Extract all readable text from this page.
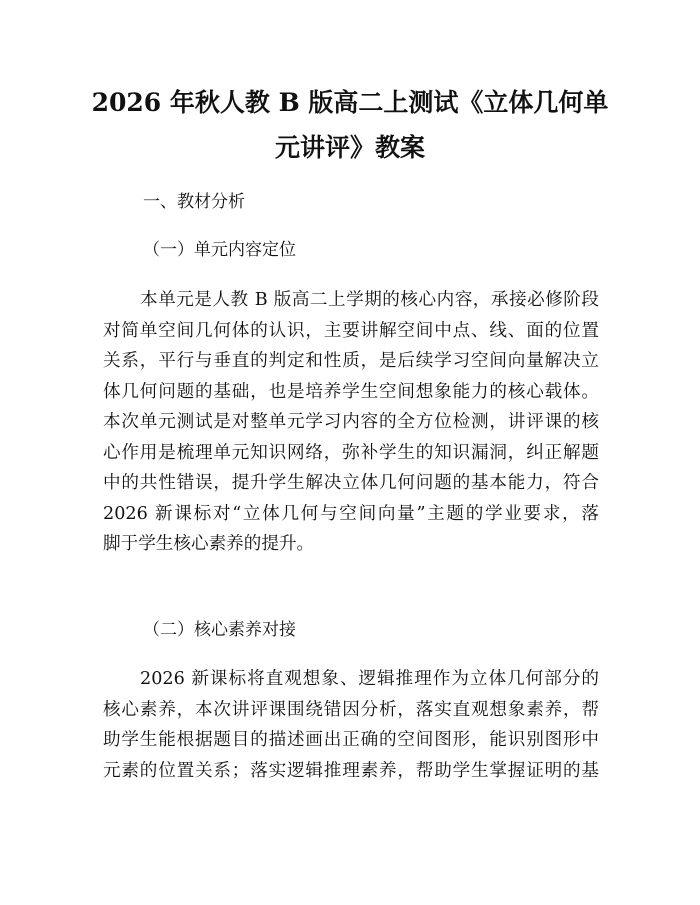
2026 年秋人教 B 版高二上测试《立体几何单
元讲评》教案
一、教材分析
（一）单元内容定位
本单元是人教 B 版高二上学期的核心内容，承接必修阶段
对简单空间几何体的认识，主要讲解空间中点、线、面的位置
关系，平行与垂直的判定和性质，是后续学习空间向量解决立
体几何问题的基础，也是培养学生空间想象能力的核心载体。
本次单元测试是对整单元学习内容的全方位检测，讲评课的核
心作用是梳理单元知识网络，弥补学生的知识漏洞，纠正解题
中的共性错误，提升学生解决立体几何问题的基本能力，符合
2026 新课标对“立体几何与空间向量”主题的学业要求，落
脚于学生核心素养的提升。
（二）核心素养对接
2026 新课标将直观想象、逻辑推理作为立体几何部分的
核心素养，本次讲评课围绕错因分析，落实直观想象素养，帮
助学生能根据题目的描述画出正确的空间图形，能识别图形中
元素的位置关系；落实逻辑推理素养，帮助学生掌握证明的基
